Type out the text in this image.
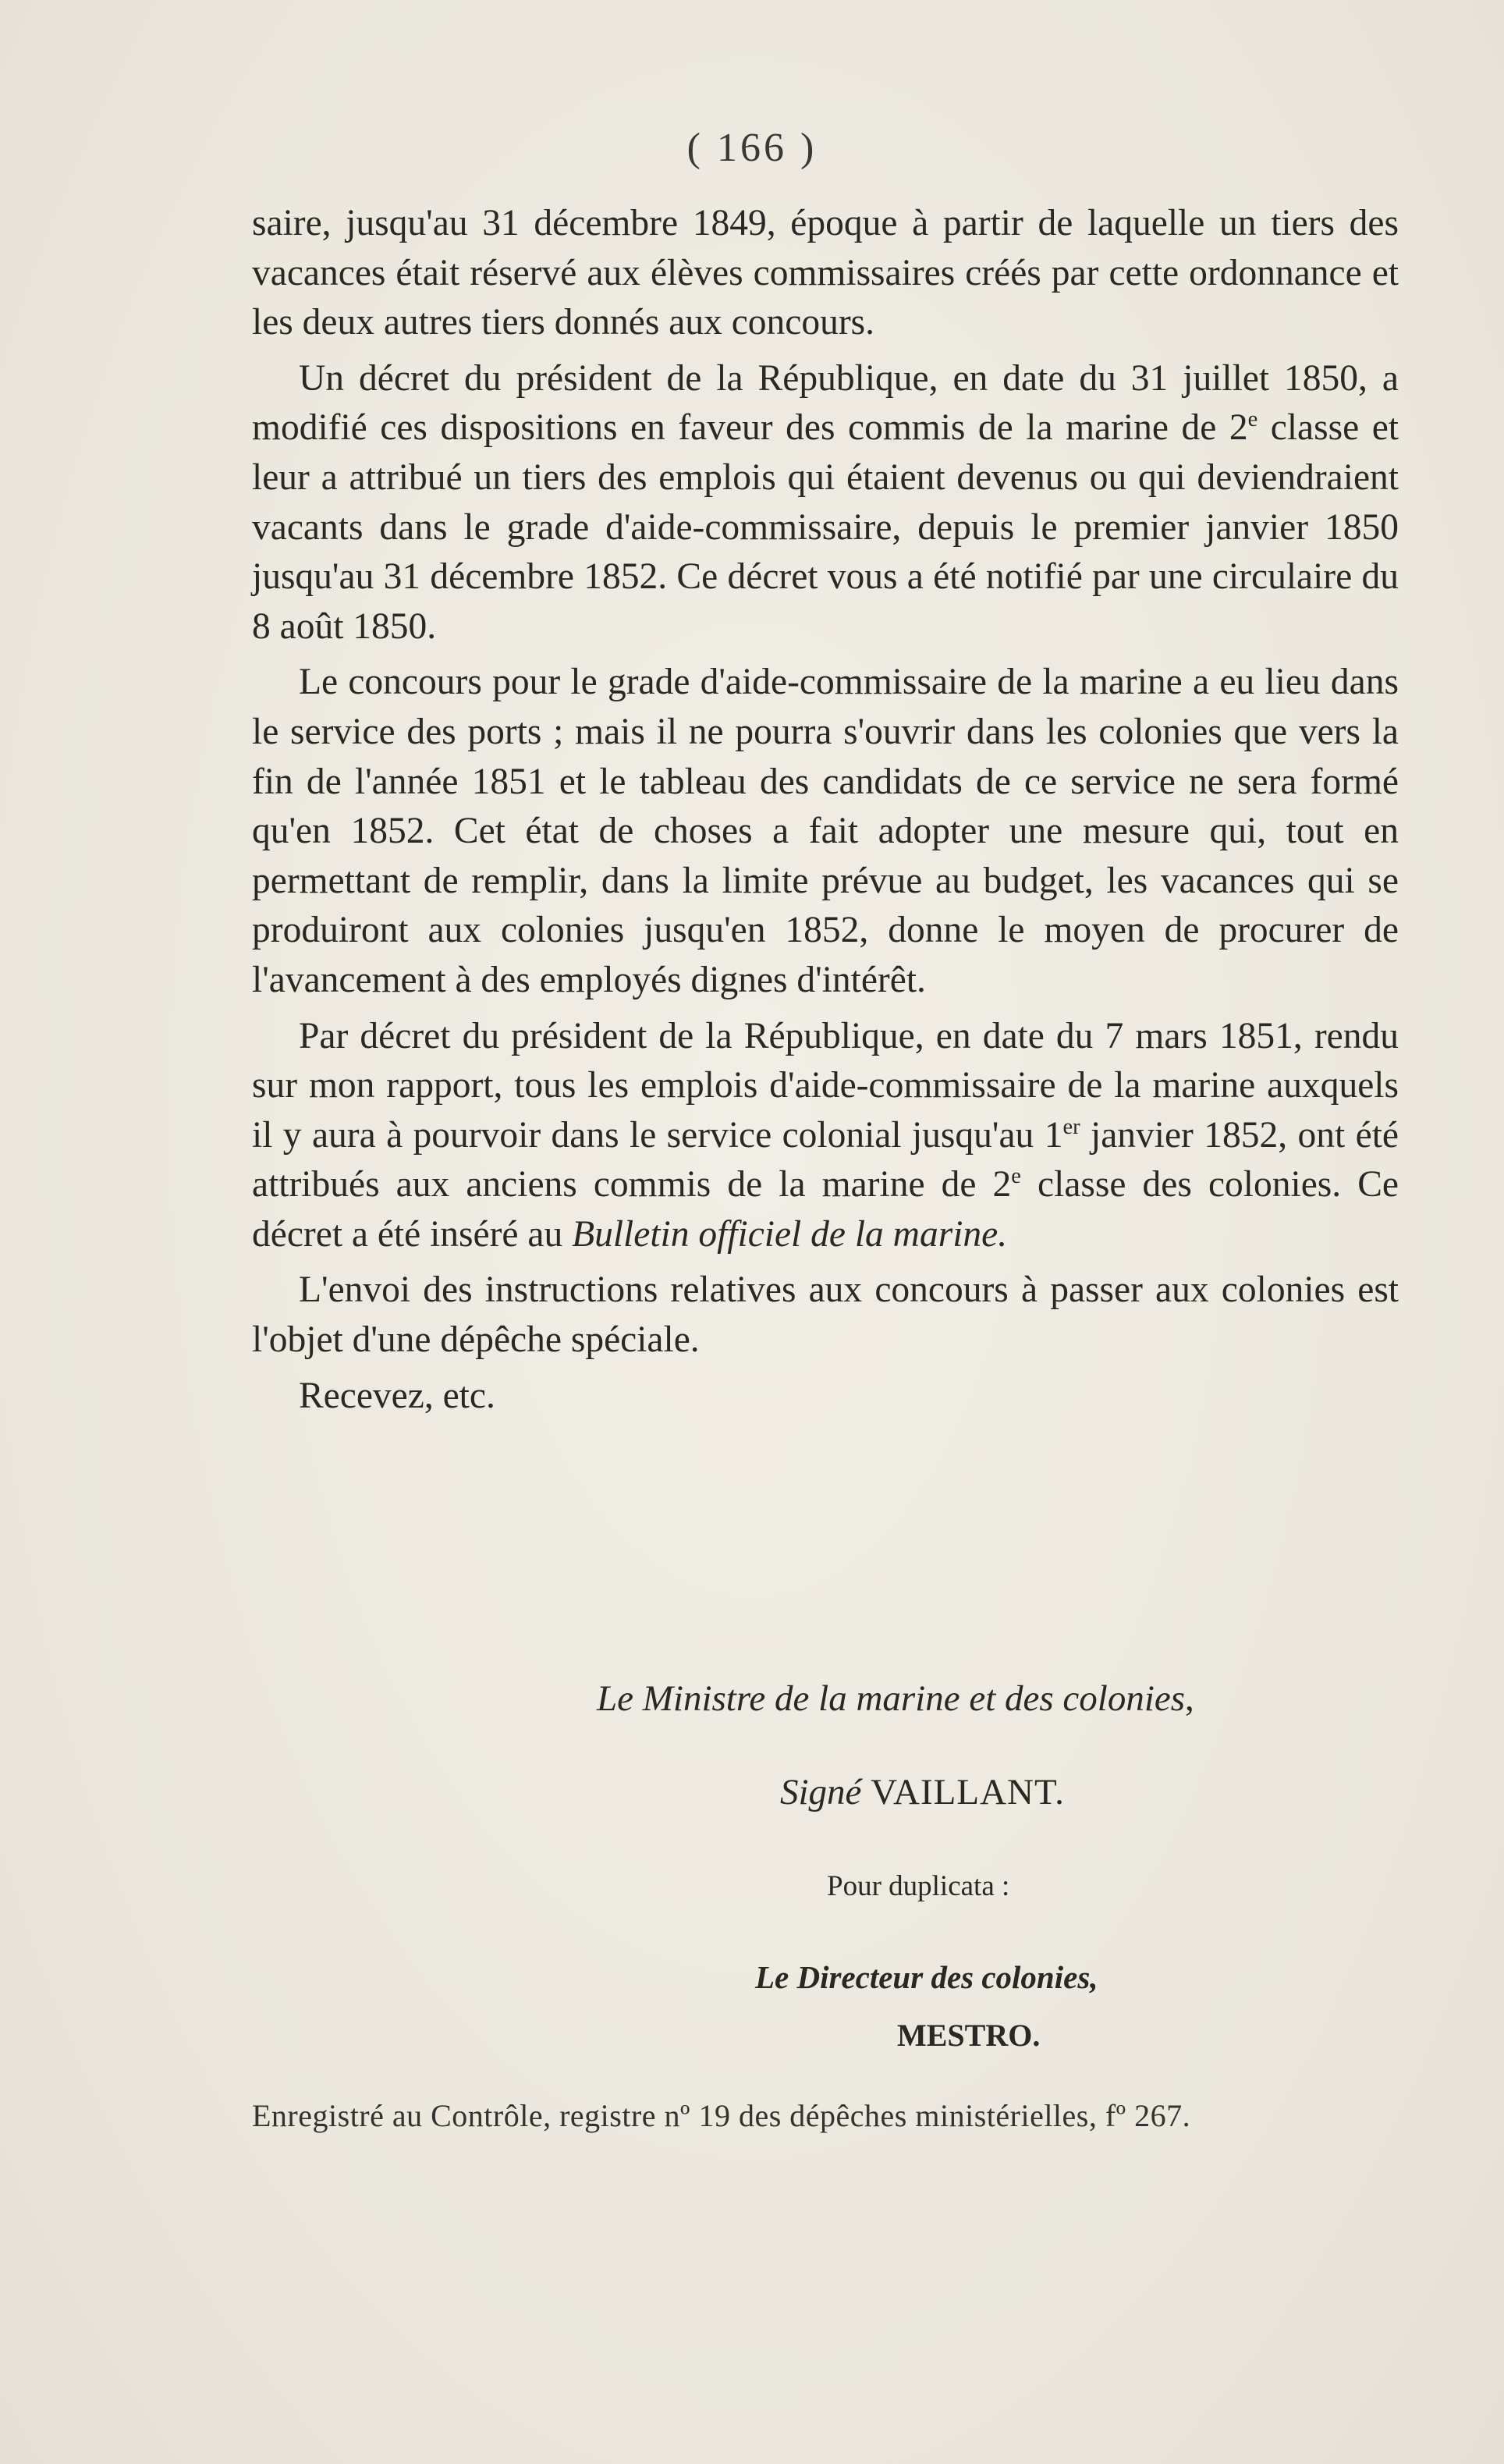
( 166 )

saire, jusqu'au 31 décembre 1849, époque à partir de laquelle un tiers des vacances était réservé aux élèves commissaires créés par cette ordonnance et les deux autres tiers donnés aux concours.

Un décret du président de la République, en date du 31 juillet 1850, a modifié ces dispositions en faveur des commis de la marine de 2e classe et leur a attribué un tiers des emplois qui étaient devenus ou qui deviendraient vacants dans le grade d'aide-commissaire, depuis le premier janvier 1850 jusqu'au 31 décembre 1852. Ce décret vous a été notifié par une circulaire du 8 août 1850.

Le concours pour le grade d'aide-commissaire de la marine a eu lieu dans le service des ports ; mais il ne pourra s'ouvrir dans les colonies que vers la fin de l'année 1851 et le tableau des candidats de ce service ne sera formé qu'en 1852. Cet état de choses a fait adopter une mesure qui, tout en permettant de remplir, dans la limite prévue au budget, les vacances qui se produiront aux colonies jusqu'en 1852, donne le moyen de procurer de l'avancement à des employés dignes d'intérêt.

Par décret du président de la République, en date du 7 mars 1851, rendu sur mon rapport, tous les emplois d'aide-commissaire de la marine auxquels il y aura à pourvoir dans le service colonial jusqu'au 1er janvier 1852, ont été attribués aux anciens commis de la marine de 2e classe des colonies. Ce décret a été inséré au Bulletin officiel de la marine.

L'envoi des instructions relatives aux concours à passer aux colonies est l'objet d'une dépêche spéciale.

Recevez, etc.

Le Ministre de la marine et des colonies,
Signé VAILLANT.
Pour duplicata :
Le Directeur des colonies,
MESTRO.
Enregistré au Contrôle, registre nº 19 des dépêches ministérielles, fº 267.
